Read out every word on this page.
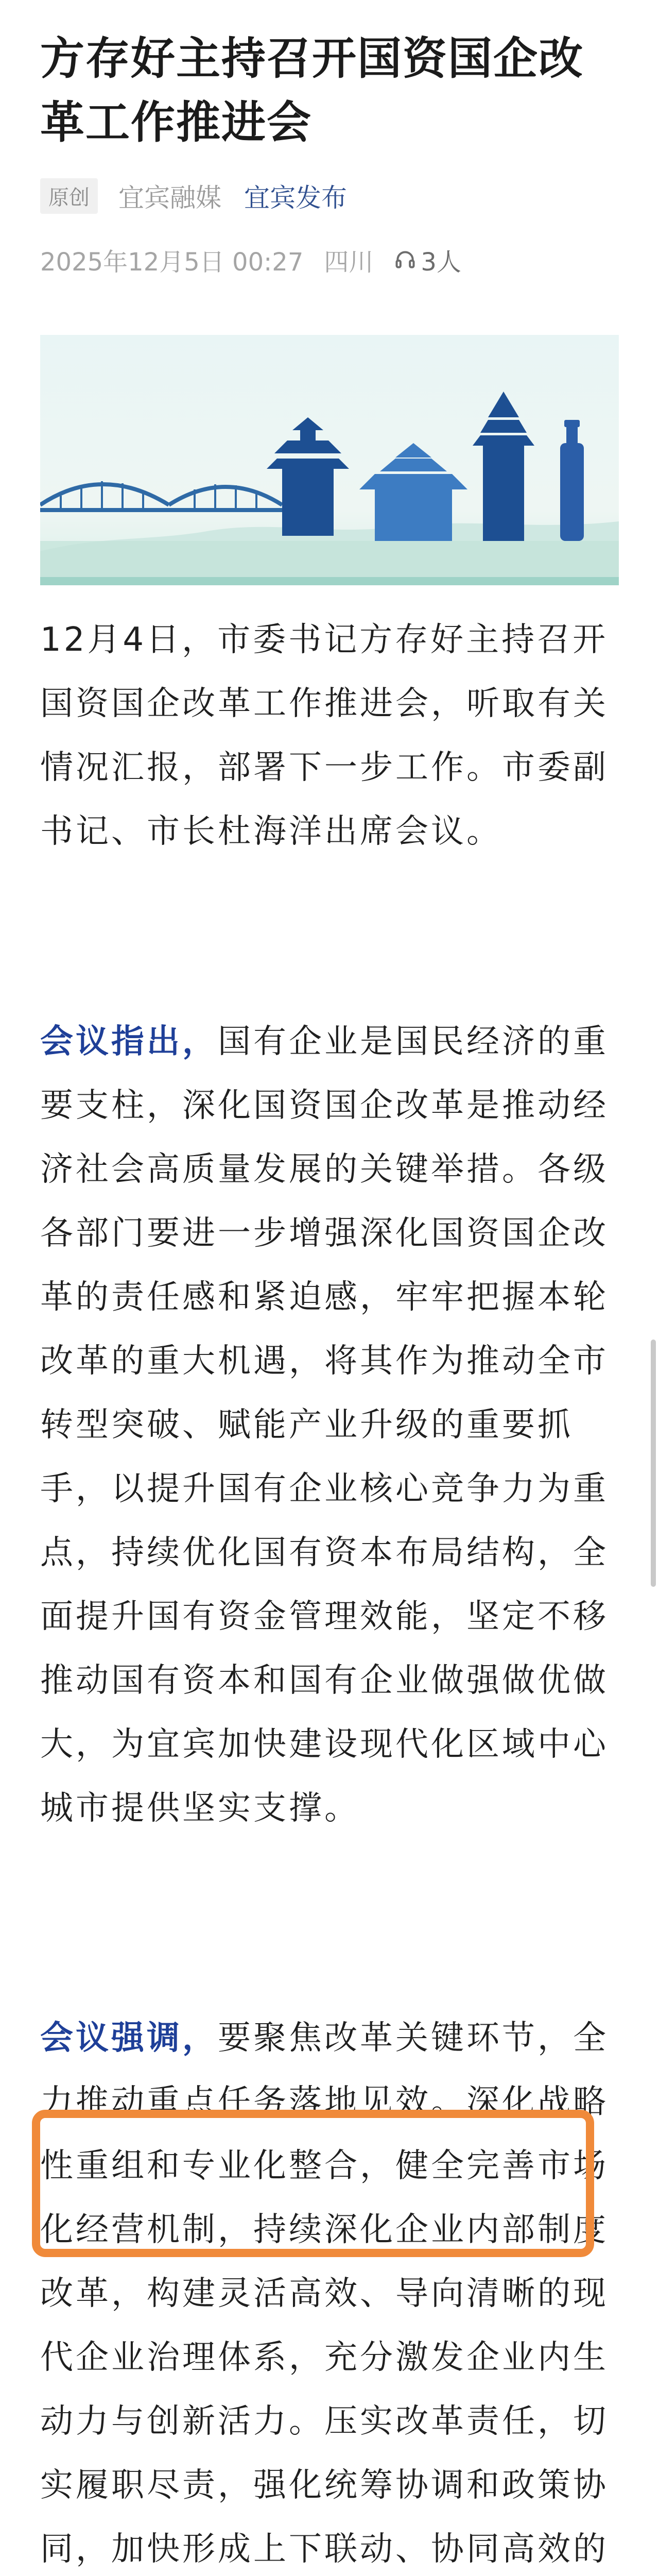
方存好主持召开国资国企改革工作推进会
原创	宜宾融媒 宜宾发布
2025年12月5日 00:27 四川 3人

12月4日，市委书记方存好主持召开国资国企改革工作推进会，听取有关情况汇报，部署下一步工作。市委副书记、市长杜海洋出席会议。

会议指出，国有企业是国民经济的重要支柱，深化国资国企改革是推动经济社会高质量发展的关键举措。各级各部门要进一步增强深化国资国企改革的责任感和紧迫感，牢牢把握本轮改革的重大机遇，将其作为推动全市转型突破、赋能产业升级的重要抓手，以提升国有企业核心竞争力为重点，持续优化国有资本布局结构，全面提升国有资金管理效能，坚定不移推动国有资本和国有企业做强做优做大，为宜宾加快建设现代化区域中心城市提供坚实支撑。

会议强调，要聚焦改革关键环节，全力推动重点任务落地见效。深化战略性重组和专业化整合，健全完善市场化经营机制，持续深化企业内部制度改革，构建灵活高效、导向清晰的现代企业治理体系，充分激发企业内生动力与创新活力。压实改革责任，切实履职尽责，强化统筹协调和政策协同，加快形成上下联动、协同高效的
